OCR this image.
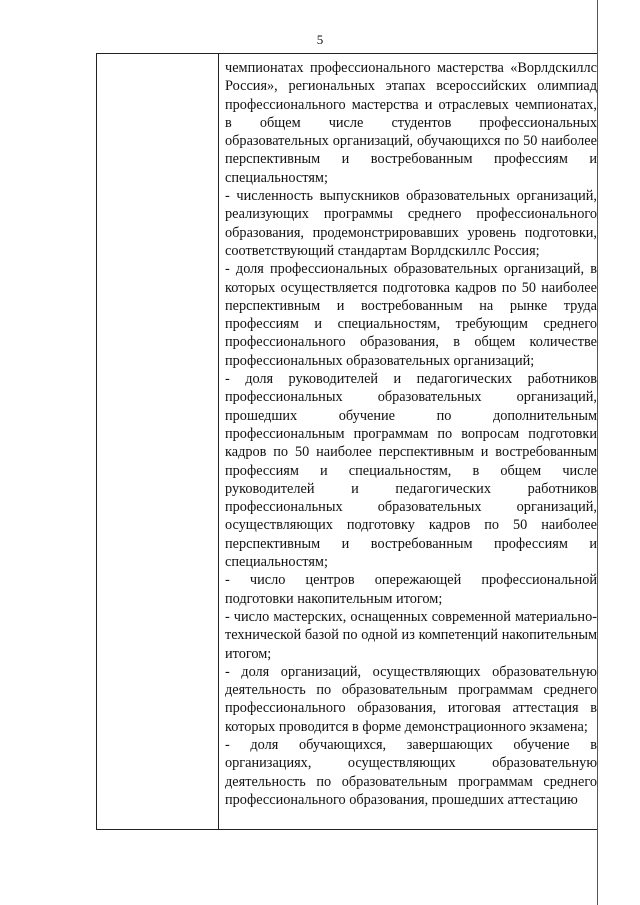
5

чемпионатах профессионального мастерства «Ворлдскиллс Россия», региональных этапах всероссийских олимпиад профессионального мастерства и отраслевых чемпионатах, в общем числе студентов профессиональных образовательных организаций, обучающихся по 50 наиболее перспективным и востребованным профессиям и специальностям;

- численность выпускников образовательных организаций, реализующих программы среднего профессионального образования, продемонстрировавших уровень подготовки, соответствующий стандартам Ворлдскиллс Россия;

- доля профессиональных образовательных организаций, в которых осуществляется подготовка кадров по 50 наиболее перспективным и востребованным на рынке труда профессиям и специальностям, требующим среднего профессионального образования, в общем количестве профессиональных образовательных организаций;

- доля руководителей и педагогических работников профессиональных образовательных организаций, прошедших обучение по дополнительным профессиональным программам по вопросам подготовки кадров по 50 наиболее перспективным и востребованным профессиям и специальностям, в общем числе руководителей и педагогических работников профессиональных образовательных организаций, осуществляющих подготовку кадров по 50 наиболее перспективным и востребованным профессиям и специальностям;

- число центров опережающей профессиональной подготовки накопительным итогом;

- число мастерских, оснащенных современной материально-технической базой по одной из компетенций накопительным итогом;

- доля организаций, осуществляющих образовательную деятельность по образовательным программам среднего профессионального образования, итоговая аттестация в которых проводится в форме демонстрационного экзамена;

- доля обучающихся, завершающих обучение в организациях, осуществляющих образовательную деятельность по образовательным программам среднего профессионального образования, прошедших аттестацию
